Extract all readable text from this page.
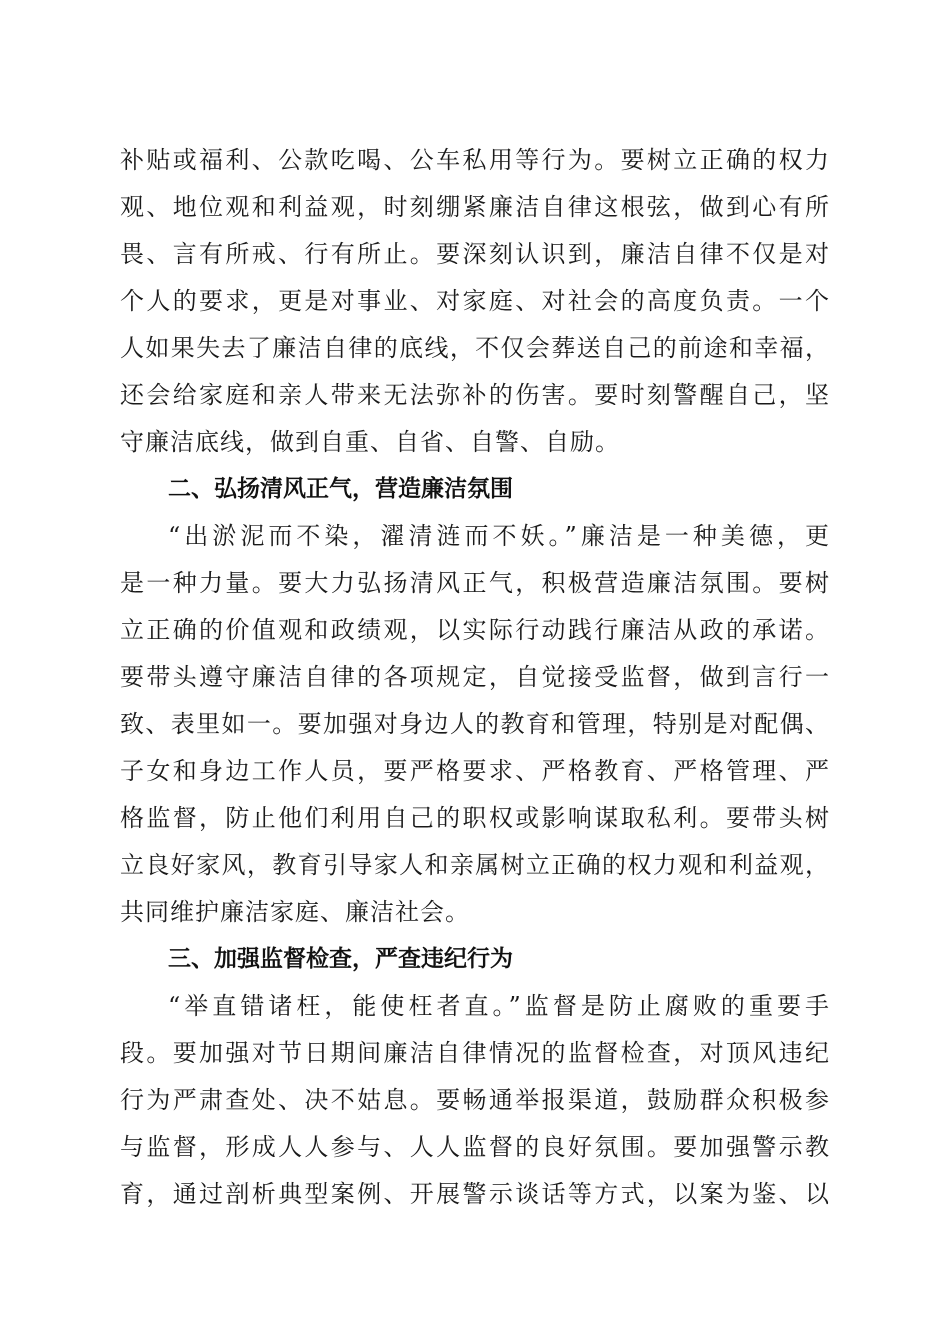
补贴或福利、公款吃喝、公车私用等行为。要树立正确的权力
观、地位观和利益观，时刻绷紧廉洁自律这根弦，做到心有所
畏、言有所戒、行有所止。要深刻认识到，廉洁自律不仅是对
个人的要求，更是对事业、对家庭、对社会的高度负责。一个
人如果失去了廉洁自律的底线，不仅会葬送自己的前途和幸福，
还会给家庭和亲人带来无法弥补的伤害。要时刻警醒自己，坚
守廉洁底线，做到自重、自省、自警、自励。
二、弘扬清风正气，营造廉洁氛围
“出淤泥而不染，濯清涟而不妖。”廉洁是一种美德，更
是一种力量。要大力弘扬清风正气，积极营造廉洁氛围。要树
立正确的价值观和政绩观，以实际行动践行廉洁从政的承诺。
要带头遵守廉洁自律的各项规定，自觉接受监督，做到言行一
致、表里如一。要加强对身边人的教育和管理，特别是对配偶、
子女和身边工作人员，要严格要求、严格教育、严格管理、严
格监督，防止他们利用自己的职权或影响谋取私利。要带头树
立良好家风，教育引导家人和亲属树立正确的权力观和利益观，
共同维护廉洁家庭、廉洁社会。
三、加强监督检查，严查违纪行为
“举直错诸枉，能使枉者直。”监督是防止腐败的重要手
段。要加强对节日期间廉洁自律情况的监督检查，对顶风违纪
行为严肃查处、决不姑息。要畅通举报渠道，鼓励群众积极参
与监督，形成人人参与、人人监督的良好氛围。要加强警示教
育，通过剖析典型案例、开展警示谈话等方式，以案为鉴、以
